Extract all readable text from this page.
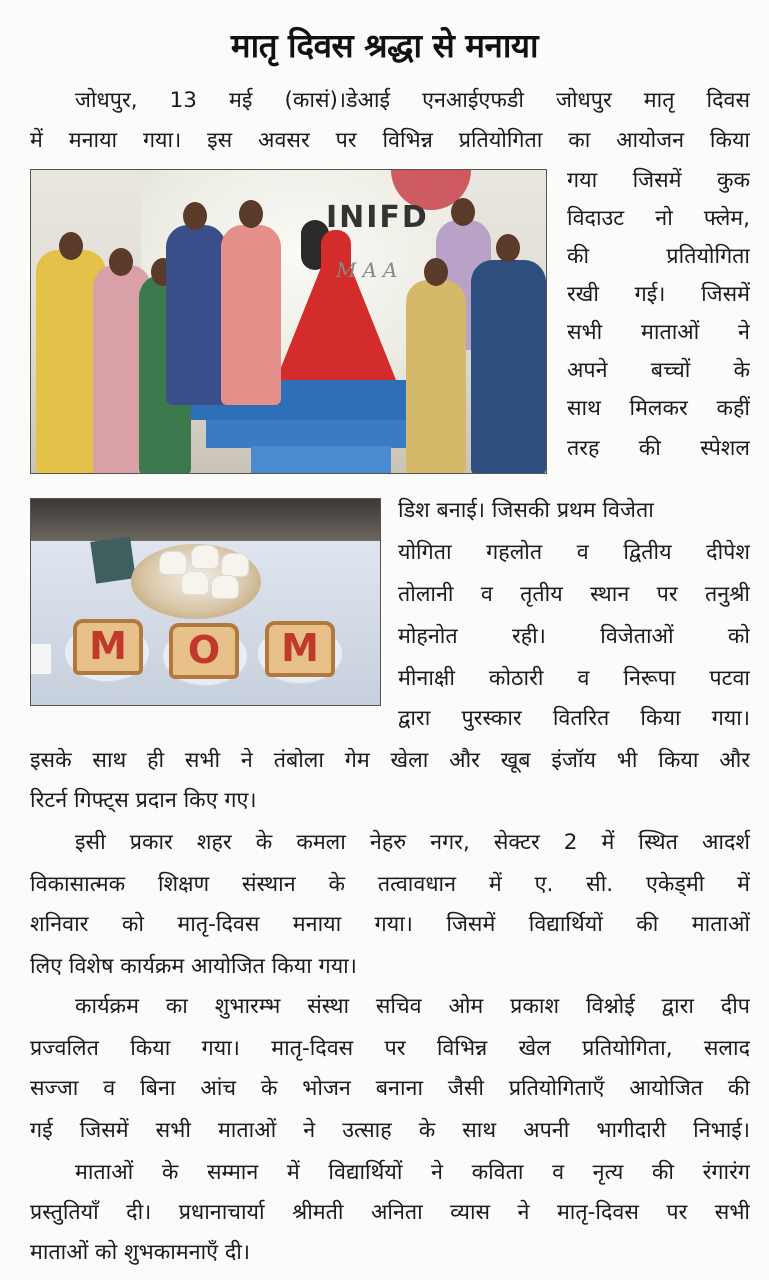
मातृ दिवस श्रद्धा से मनाया
जोधपुर, 13 मई (कासं)।डेआई एनआईएफडी जोधपुर मातृ दिवस
में मनाया गया। इस अवसर पर विभिन्न प्रतियोगिता का आयोजन किया
INIFD
MAA
गया जिसमें कुक
विदाउट नो फ्लेम,
की प्रतियोगिता
रखी गई। जिसमें
सभी माताओं ने
अपने बच्चों के
साथ मिलकर कहीं
तरह की स्पेशल
M	O	M
डिश बनाई। जिसकी प्रथम विजेता
योगिता गहलोत व द्वितीय दीपेश
तोलानी व तृतीय स्थान पर तनुश्री
मोहनोत रही। विजेताओं को
मीनाक्षी कोठारी व निरूपा पटवा
द्वारा पुरस्कार वितरित किया गया।
इसके साथ ही सभी ने तंबोला गेम खेला और खूब इंजॉय भी किया और
रिटर्न गिफ्ट्स प्रदान किए गए।
इसी प्रकार शहर के कमला नेहरु नगर, सेक्टर 2 में स्थित आदर्श
विकासात्मक शिक्षण संस्थान के तत्वावधान में ए. सी. एकेड्मी में
शनिवार को मातृ-दिवस मनाया गया। जिसमें विद्यार्थियों की माताओं
लिए विशेष कार्यक्रम आयोजित किया गया।
कार्यक्रम का शुभारम्भ संस्था सचिव ओम प्रकाश विश्नोई द्वारा दीप
प्रज्वलित किया गया। मातृ-दिवस पर विभिन्न खेल प्रतियोगिता, सलाद
सज्जा व बिना आंच के भोजन बनाना जैसी प्रतियोगिताएँ आयोजित की
गई जिसमें सभी माताओं ने उत्साह के साथ अपनी भागीदारी निभाई।
माताओं के सम्मान में विद्यार्थियों ने कविता व नृत्य की रंगारंग
प्रस्तुतियाँ दी। प्रधानाचार्या श्रीमती अनिता व्यास ने मातृ-दिवस पर सभी
माताओं को शुभकामनाएँ दी।
